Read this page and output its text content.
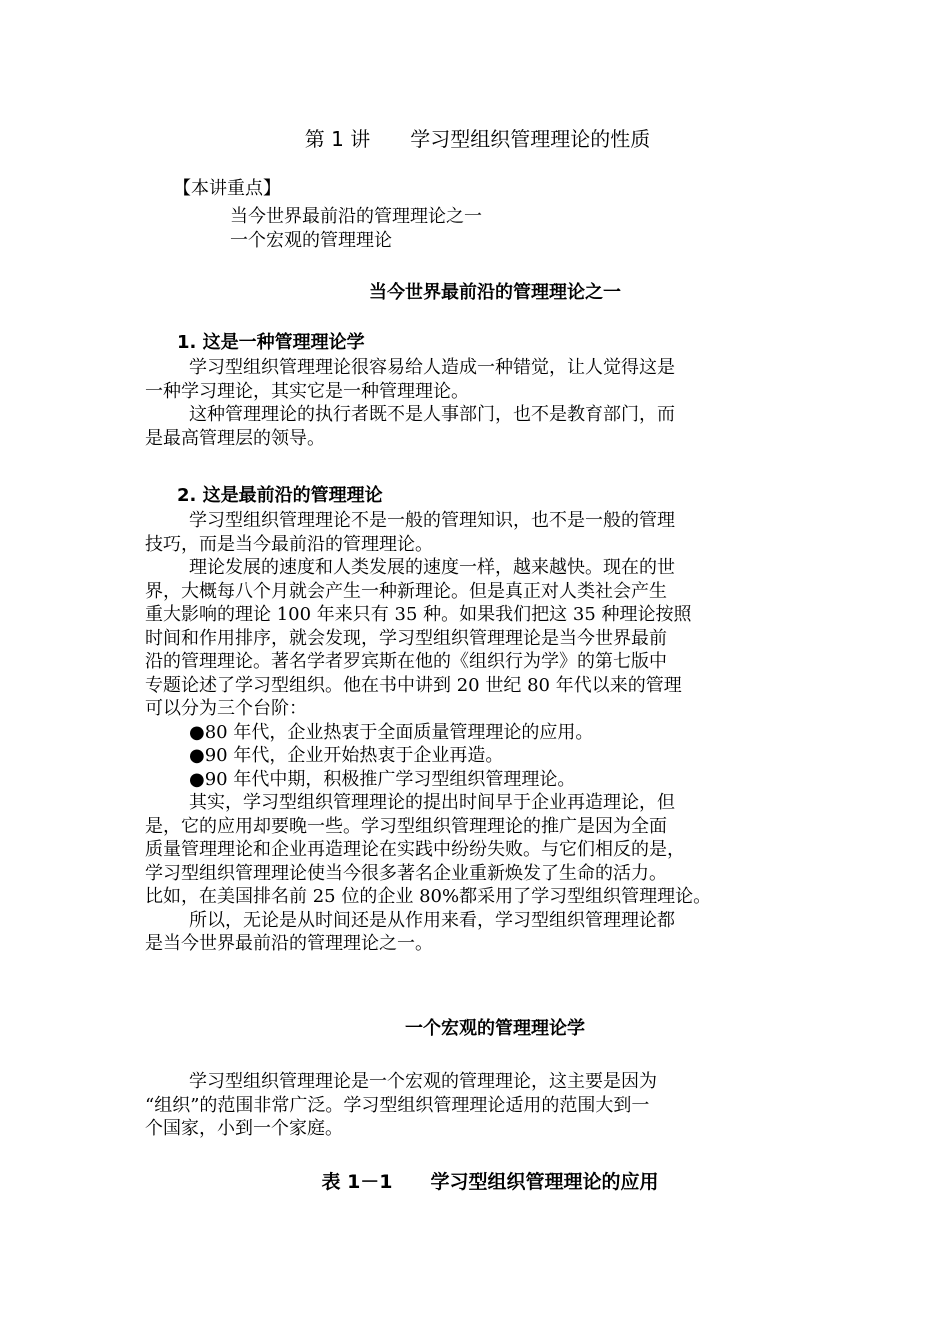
第 1 讲　　学习型组织管理理论的性质
【本讲重点】
当今世界最前沿的管理理论之一
一个宏观的管理理论
当今世界最前沿的管理理论之一
1. 这是一种管理理论学
学习型组织管理理论很容易给人造成一种错觉，让人觉得这是
一种学习理论，其实它是一种管理理论。
这种管理理论的执行者既不是人事部门，也不是教育部门，而
是最高管理层的领导。
2. 这是最前沿的管理理论
学习型组织管理理论不是一般的管理知识，也不是一般的管理
技巧，而是当今最前沿的管理理论。
理论发展的速度和人类发展的速度一样，越来越快。现在的世
界，大概每八个月就会产生一种新理论。但是真正对人类社会产生
重大影响的理论 100 年来只有 35 种。如果我们把这 35 种理论按照
时间和作用排序，就会发现，学习型组织管理理论是当今世界最前
沿的管理理论。著名学者罗宾斯在他的《组织行为学》的第七版中
专题论述了学习型组织。他在书中讲到 20 世纪 80 年代以来的管理
可以分为三个台阶：
●80 年代，企业热衷于全面质量管理理论的应用。
●90 年代，企业开始热衷于企业再造。
●90 年代中期，积极推广学习型组织管理理论。
其实，学习型组织管理理论的提出时间早于企业再造理论，但
是，它的应用却要晚一些。学习型组织管理理论的推广是因为全面
质量管理理论和企业再造理论在实践中纷纷失败。与它们相反的是，
学习型组织管理理论使当今很多著名企业重新焕发了生命的活力。
比如，在美国排名前 25 位的企业 80%都采用了学习型组织管理理论。
所以，无论是从时间还是从作用来看，学习型组织管理理论都
是当今世界最前沿的管理理论之一。
一个宏观的管理理论学
学习型组织管理理论是一个宏观的管理理论，这主要是因为
“组织”的范围非常广泛。学习型组织管理理论适用的范围大到一
个国家，小到一个家庭。
表 1－1　　学习型组织管理理论的应用
